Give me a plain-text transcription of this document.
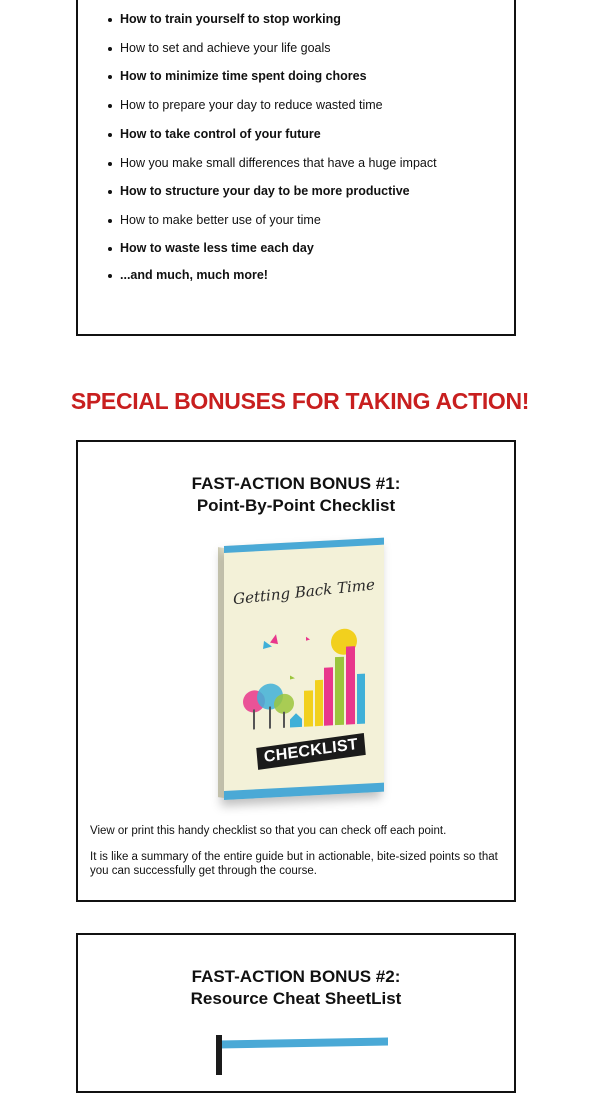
How to train yourself to stop working
How to set and achieve your life goals
How to minimize time spent doing chores
How to prepare your day to reduce wasted time
How to take control of your future
How you make small differences that have a huge impact
How to structure your day to be more productive
How to make better use of your time
How to waste less time each day
...and much, much more!
SPECIAL BONUSES FOR TAKING ACTION!
FAST-ACTION BONUS #1:
Point-By-Point Checklist
Getting Back Time
CHECKLIST

View or print this handy checklist so that you can check off each point.

It is like a summary of the entire guide but in actionable, bite-sized points so that you can successfully get through the course.

FAST-ACTION BONUS #2:
Resource Cheat SheetList
